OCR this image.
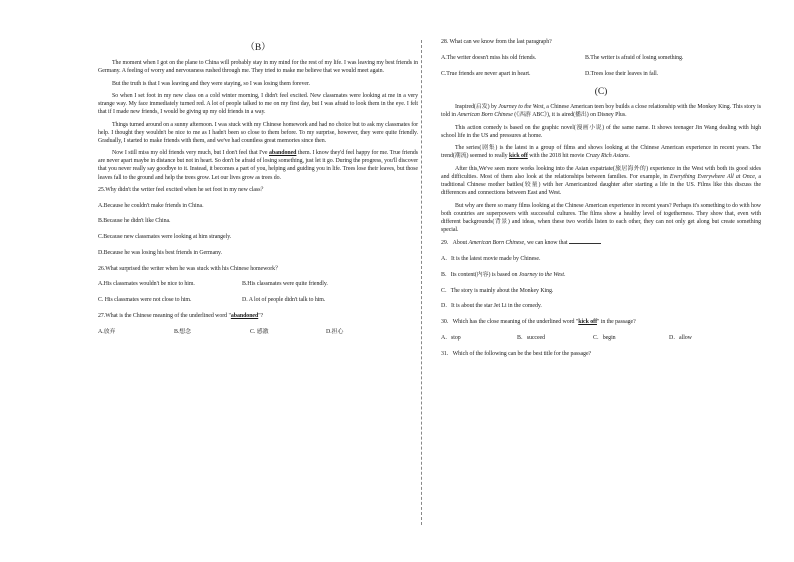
（B）

The moment when I got on the plane to China will probably stay in my mind for the rest of my life. I was leaving my best friends in Germany. A feeling of worry and nervousness rushed through me. They tried to make me believe that we would meet again.

But the truth is that I was leaving and they were staying, so I was losing them forever.

So when I set foot in my new class on a cold winter morning, I didn't feel excited. New classmates were looking at me in a very strange way. My face immediately turned red. A lot of people talked to me on my first day, but I was afraid to look them in the eye. I felt that if I made new friends, I would be giving up my old friends in a way.

Things turned around on a sunny afternoon. I was stuck with my Chinese homework and had no choice but to ask my classmates for help. I thought they wouldn't be nice to me as I hadn't been so close to them before. To my surprise, however, they were quite friendly. Gradually, I started to make friends with them, and we've had countless great memories since then.

Now I still miss my old friends very much, but I don't feel that I've abandoned them. I know they'd feel happy for me. True friends are never apart maybe in distance but not in heart. So don't be afraid of losing something, just let it go. During the progress, you'll discover that you never really say goodbye to it. Instead, it becomes a part of you, helping and guiding you in life. Trees lose their leaves, but those leaves fall to the ground and help the trees grow. Let our lives grow as trees do.

25.Why didn't the writer feel excited when he set foot in my new class？
A.Because he couldn't make friends in China.
B.Because he didn't like China.
C.Because new classmates were looking at him strangely.
D.Because he was losing his best friends in Germany.
26.What surprised the writer when he was stuck with his Chinese homework？
A.His classmates wouldn't be nice to him.	B.His classmates were quite friendly.
C. His classmates were not close to him.	D. A lot of people didn't talk to him.
27.What is the Chinese meaning of the underlined word "abandoned"?
A.放弃	B.想念	C. 感激	D.担心
28. What can we know from the last paragraph?
A.The writer doesn't miss his old friends.	B.The writer is afraid of losing something.
C.True friends are never apart in heart.	D.Trees lose their leaves in fall.
(C)

Inspired(启发) by Journey to the West, a Chinese American teen boy builds a close relationship with the Monkey King. This story is told in American Born Chinese (《西游 ABC》), it is aired(播出) on Disney Plus.

This action comedy is based on the graphic novel(漫画小说) of the same name. It shows teenager Jin Wang dealing with high school life in the US and pressures at home.

The series(剧集) is the latest in a group of films and shows looking at the Chinese American experience in recent years. The trend(潮流) seemed to really kick off with the 2018 hit movie Crazy Rich Asians.

After this,We've seen more works looking into the Asian expatriate(旅居海外的) experience in the West with both its good sides and difficulties. Most of them also look at the relationships between families. For example, in Everything Everywhere All at Once, a traditional Chinese mother battles(较量) with her Americanized daughter after starting a life in the US. Films like this discuss the differences and connections between East and West.

But why are there so many films looking at the Chinese American experience in recent years? Perhaps it's something to do with how both countries are superpowers with successful cultures. The films show a healthy level of togetherness. They show that, even with different backgrounds(背景) and ideas, when these two worlds listen to each other, they can not only get along but create something special.

29．About American Born Chinese, we can know that
A．It is the latest movie made by Chinese.
B．Its content(内容) is based on Journey to the West.
C．The story is mainly about the Monkey King.
D．It is about the star Jet Li in the comedy.
30．Which has the close meaning of the underlined word "kick off" in the passage?
A．stop	B．succeed	C．begin	D．allow
31．Which of the following can be the best title for the passage?
